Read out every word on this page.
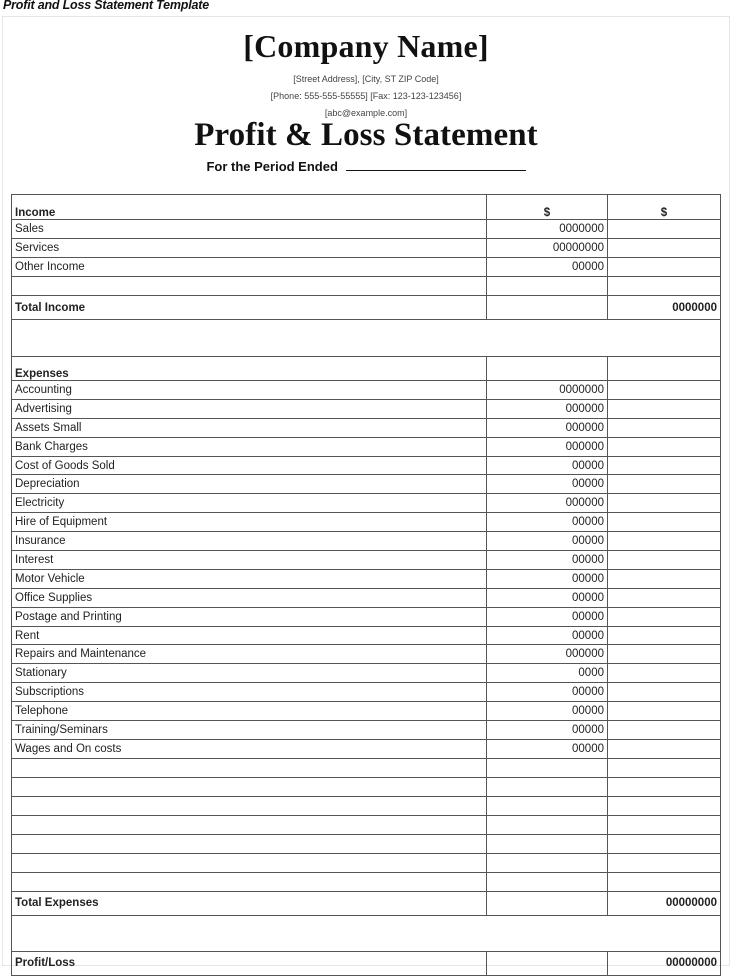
Profit and Loss Statement Template
[Company Name]
[Street Address], [City, ST ZIP Code]
[Phone: 555-555-55555] [Fax: 123-123-123456]
[abc@example.com]
Profit & Loss Statement
For the Period Ended
Income	$	$
Sales	0000000	
Services	00000000	
Other Income	00000	

Total Income		0000000

Expenses		
Accounting	0000000	
Advertising	000000	
Assets Small	000000	
Bank Charges	000000	
Cost of Goods Sold	00000	
Depreciation	00000	
Electricity	000000	
Hire of Equipment	00000	
Insurance	00000	
Interest	00000	
Motor Vehicle	00000	
Office Supplies	00000	
Postage and Printing	00000	
Rent	00000	
Repairs and Maintenance	000000	
Stationary	0000	
Subscriptions	00000	
Telephone	00000	
Training/Seminars	00000	
Wages and On costs	00000	

Total Expenses		00000000

Profit/Loss		00000000
